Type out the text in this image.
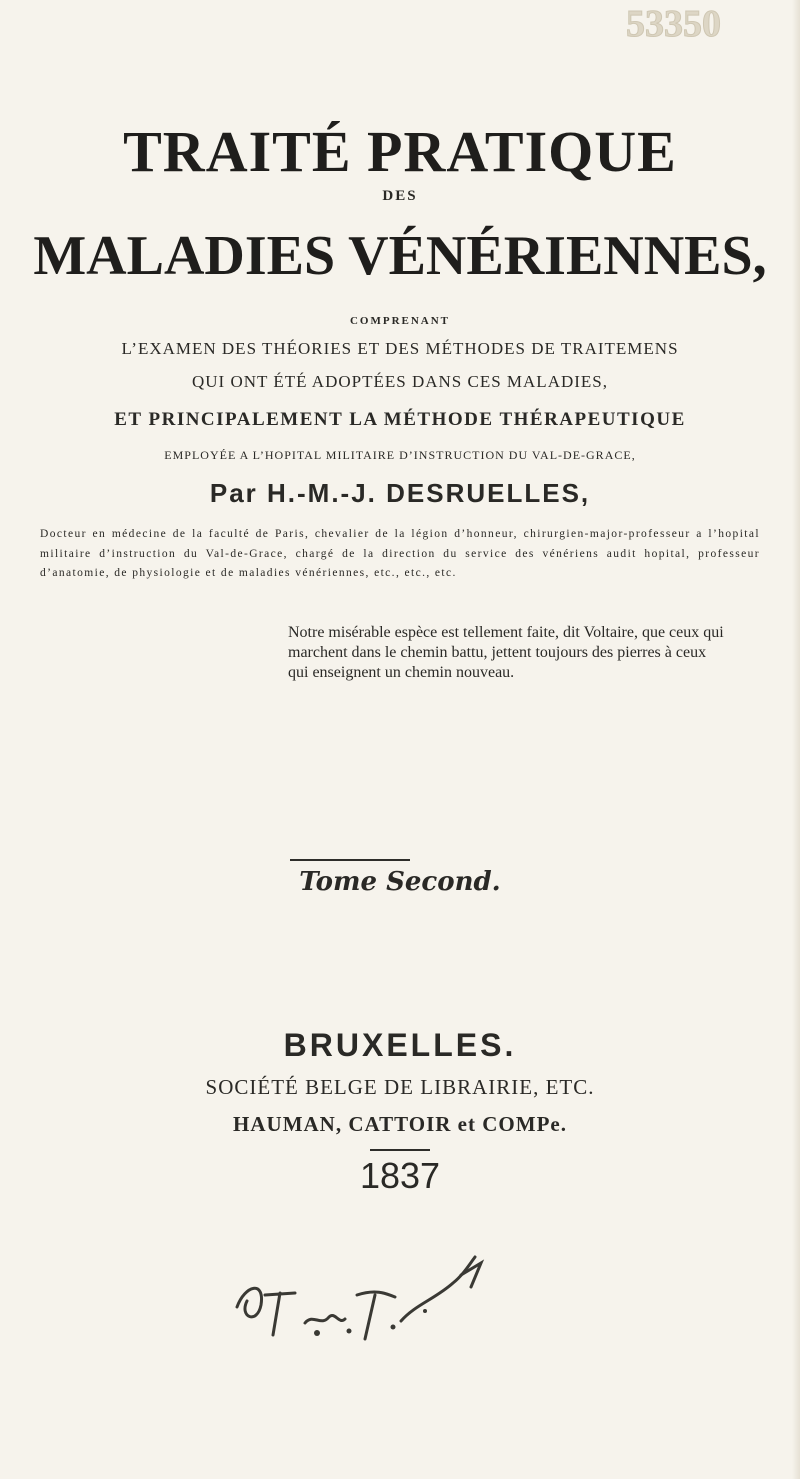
53350
TRAITÉ PRATIQUE
DES
MALADIES VÉNÉRIENNES,
COMPRENANT
L’EXAMEN DES THÉORIES ET DES MÉTHODES DE TRAITEMENS
QUI ONT ÉTÉ ADOPTÉES DANS CES MALADIES,
ET PRINCIPALEMENT LA MÉTHODE THÉRAPEUTIQUE
EMPLOYÉE A L’HOPITAL MILITAIRE D’INSTRUCTION DU VAL-DE-GRACE,
Par H.-M.-J. DESRUELLES,
Docteur en médecine de la faculté de Paris, chevalier de la légion d’honneur, chirurgien-major-professeur a l’hopital militaire d’instruction du Val-de-Grace, chargé de la direction du service des vénériens audit hopital, professeur d’anatomie, de physiologie et de maladies vénériennes, etc., etc., etc.
Notre misérable espèce est tellement faite, dit Voltaire, que ceux qui marchent dans le chemin battu, jettent toujours des pierres à ceux qui enseignent un chemin nouveau.
Tome Second.
BRUXELLES.
SOCIÉTÉ BELGE DE LIBRAIRIE, ETC.
HAUMAN, CATTOIR et COMPe.
1837
